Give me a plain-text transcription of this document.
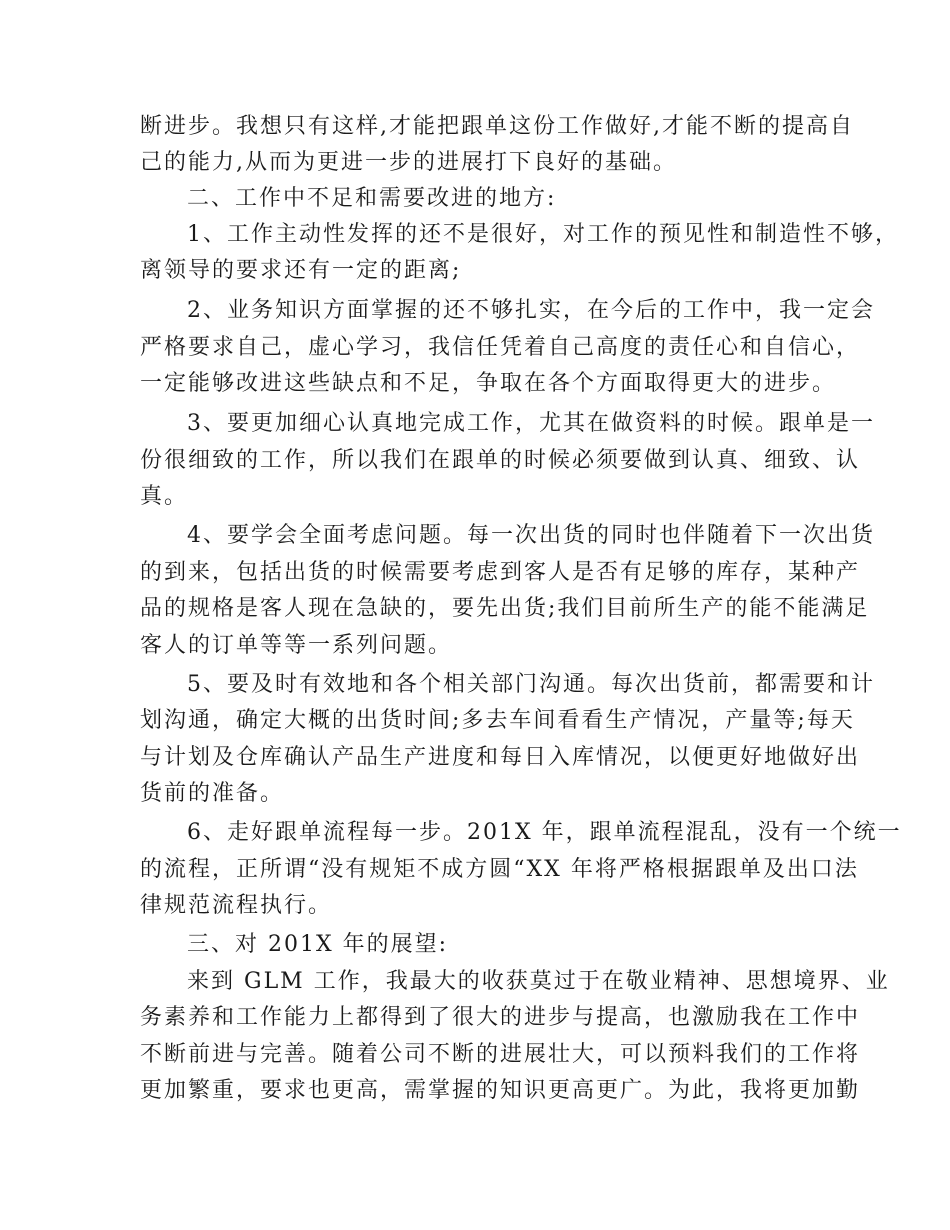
断进步。我想只有这样,才能把跟单这份工作做好,才能不断的提高自
己的能力,从而为更进一步的进展打下良好的基础。
二、工作中不足和需要改进的地方:
1、工作主动性发挥的还不是很好，对工作的预见性和制造性不够，
离领导的要求还有一定的距离;
2、业务知识方面掌握的还不够扎实，在今后的工作中，我一定会
严格要求自己，虚心学习，我信任凭着自己高度的责任心和自信心，
一定能够改进这些缺点和不足，争取在各个方面取得更大的进步。
3、要更加细心认真地完成工作，尤其在做资料的时候。跟单是一
份很细致的工作，所以我们在跟单的时候必须要做到认真、细致、认
真。
4、要学会全面考虑问题。每一次出货的同时也伴随着下一次出货
的到来，包括出货的时候需要考虑到客人是否有足够的库存，某种产
品的规格是客人现在急缺的，要先出货;我们目前所生产的能不能满足
客人的订单等等一系列问题。
5、要及时有效地和各个相关部门沟通。每次出货前，都需要和计
划沟通，确定大概的出货时间;多去车间看看生产情况，产量等;每天
与计划及仓库确认产品生产进度和每日入库情况，以便更好地做好出
货前的准备。
6、走好跟单流程每一步。201X 年，跟单流程混乱，没有一个统一
的流程，正所谓“没有规矩不成方圆“XX 年将严格根据跟单及出口法
律规范流程执行。
三、对 201X 年的展望:
来到 GLM 工作，我最大的收获莫过于在敬业精神、思想境界、业
务素养和工作能力上都得到了很大的进步与提高，也激励我在工作中
不断前进与完善。随着公司不断的进展壮大，可以预料我们的工作将
更加繁重，要求也更高，需掌握的知识更高更广。为此，我将更加勤
